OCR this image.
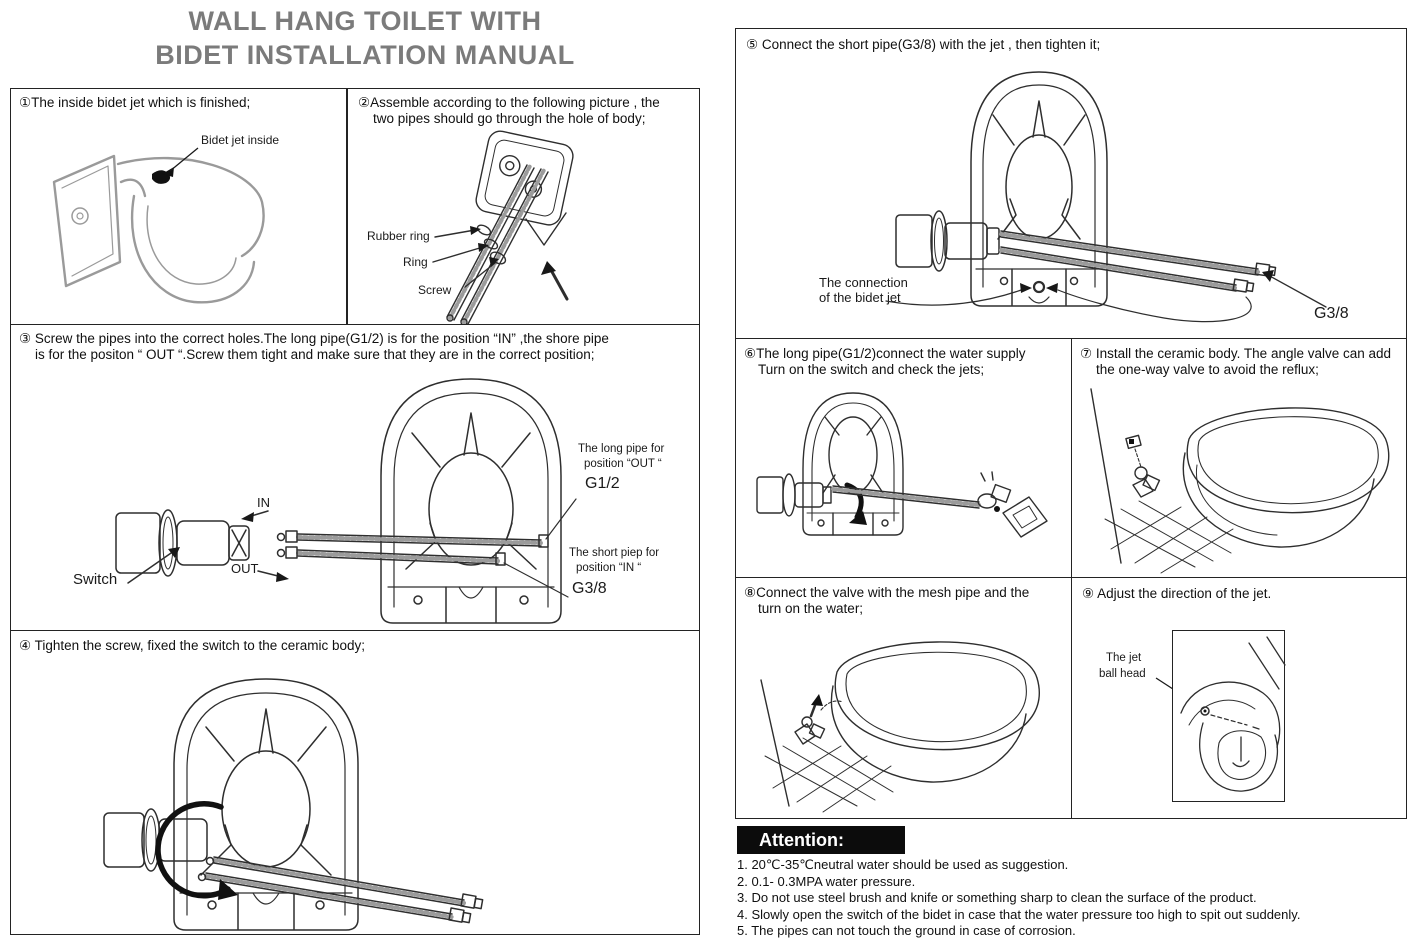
WALL HANG TOILET WITH
BIDET INSTALLATION MANUAL
①The inside bidet jet which is finished;
Bidet jet inside
②Assemble according to the following picture , the
two pipes should go through the hole of body;
Rubber ring
Ring
Screw
③ Screw the pipes into the correct holes.The long pipe(G1/2) is for the position “IN” ,the shore pipe
is for the positon “ OUT “.Screw them tight and make sure that they are in the correct position;
IN
OUT
Switch
The long pipe for
position “OUT “
G1/2
The short piep for
position “IN “
G3/8
④ Tighten the screw, fixed the switch to the ceramic body;
⑤ Connect the short pipe(G3/8) with the jet , then tighten it;
The connection
of the bidet jet
G3/8
⑥The long pipe(G1/2)connect the water supply
Turn on the switch and check the jets;
⑦ Install the ceramic body. The angle valve can add
the one-way valve to avoid the reflux;
⑧Connect the valve with the mesh pipe and the
turn on the water;
⑨ Adjust the direction of the jet.
The jet
ball head
Attention:
1. 20℃-35℃neutral water should be used as suggestion.
2. 0.1- 0.3MPA water pressure.
3. Do not use steel brush and knife or something sharp to clean the surface of the product.
4. Slowly open the switch of the bidet in case that the water pressure too high to spit out suddenly.
5. The pipes can not touch the ground in case of corrosion.
